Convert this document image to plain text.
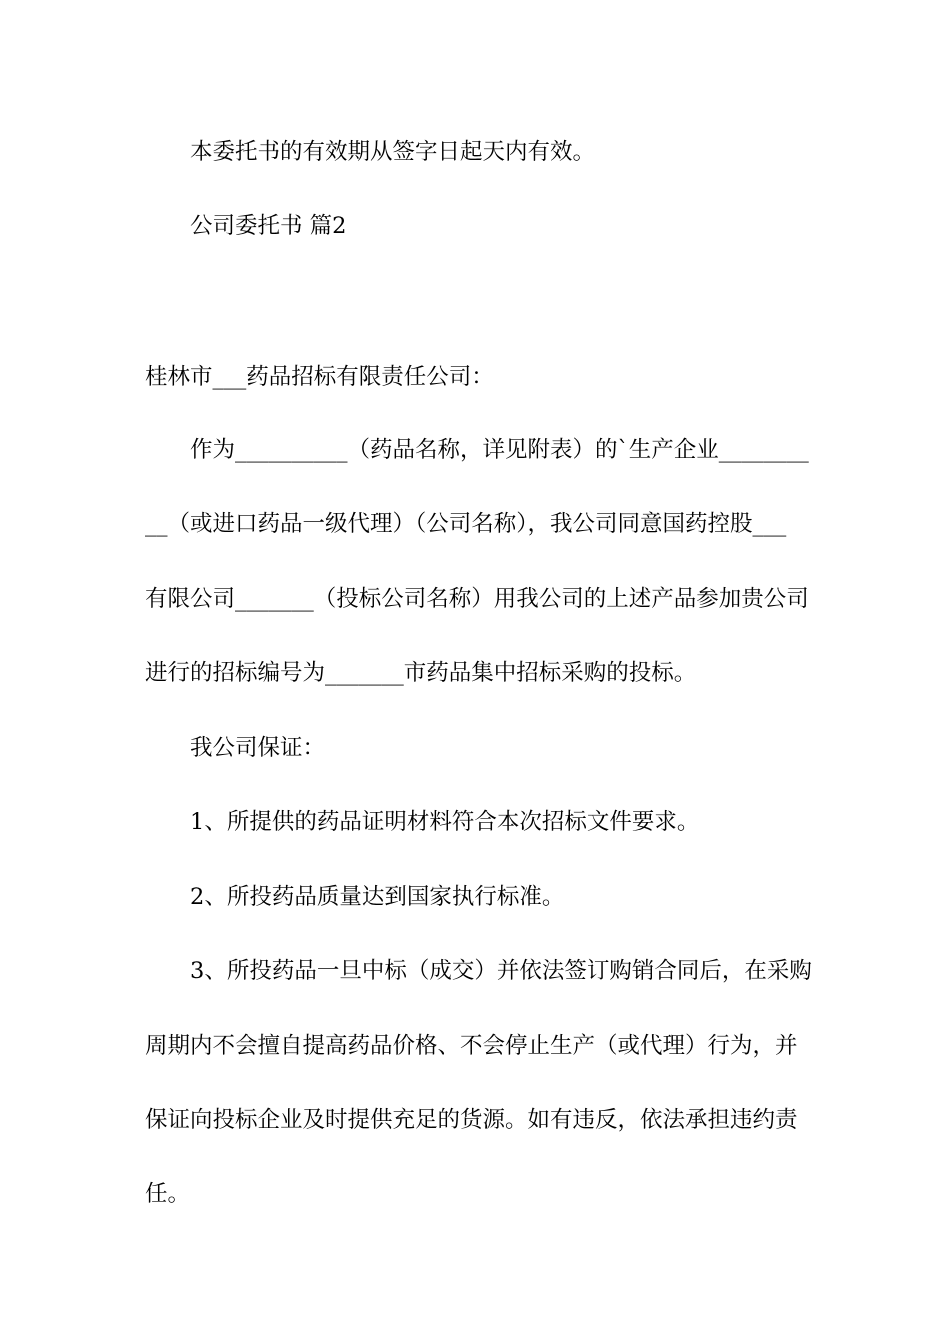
本委托书的有效期从签字日起天内有效。
公司委托书 篇2
桂林市___药品招标有限责任公司：
作为__________（药品名称，详见附表）的`生产企业________
__（或进口药品一级代理）（公司名称），我公司同意国药控股___
有限公司_______（投标公司名称）用我公司的上述产品参加贵公司
进行的招标编号为_______市药品集中招标采购的投标。
我公司保证：
1、所提供的药品证明材料符合本次招标文件要求。
2、所投药品质量达到国家执行标准。
3、所投药品一旦中标（成交）并依法签订购销合同后，在采购
周期内不会擅自提高药品价格、不会停止生产（或代理）行为，并
保证向投标企业及时提供充足的货源。如有违反，依法承担违约责
任。
